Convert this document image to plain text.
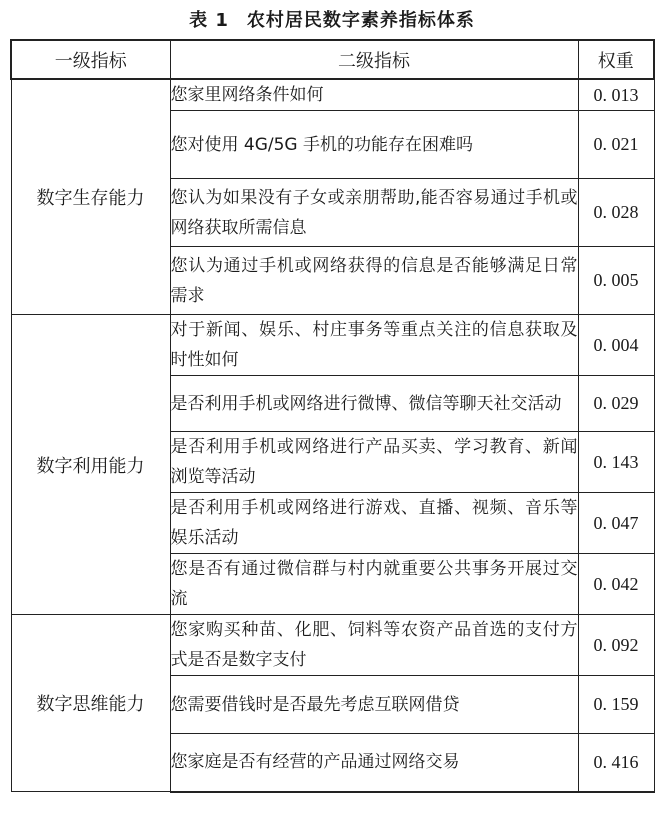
表 1 农村居民数字素养指标体系
一级指标	二级指标	权重
数字生存能力	您家里网络条件如何	0. 013
	您对使用 4G/5G 手机的功能存在困难吗	0. 021
	您认为如果没有子女或亲朋帮助,能否容易通过手机或网络获取所需信息	0. 028
	您认为通过手机或网络获得的信息是否能够满足日常需求	0. 005
数字利用能力	对于新闻、娱乐、村庄事务等重点关注的信息获取及时性如何	0. 004
	是否利用手机或网络进行微博、微信等聊天社交活动	0. 029
	是否利用手机或网络进行产品买卖、学习教育、新闻浏览等活动	0. 143
	是否利用手机或网络进行游戏、直播、视频、音乐等娱乐活动	0. 047
	您是否有通过微信群与村内就重要公共事务开展过交流	0. 042
数字思维能力	您家购买种苗、化肥、饲料等农资产品首选的支付方式是否是数字支付	0. 092
	您需要借钱时是否最先考虑互联网借贷	0. 159
	您家庭是否有经营的产品通过网络交易	0. 416
